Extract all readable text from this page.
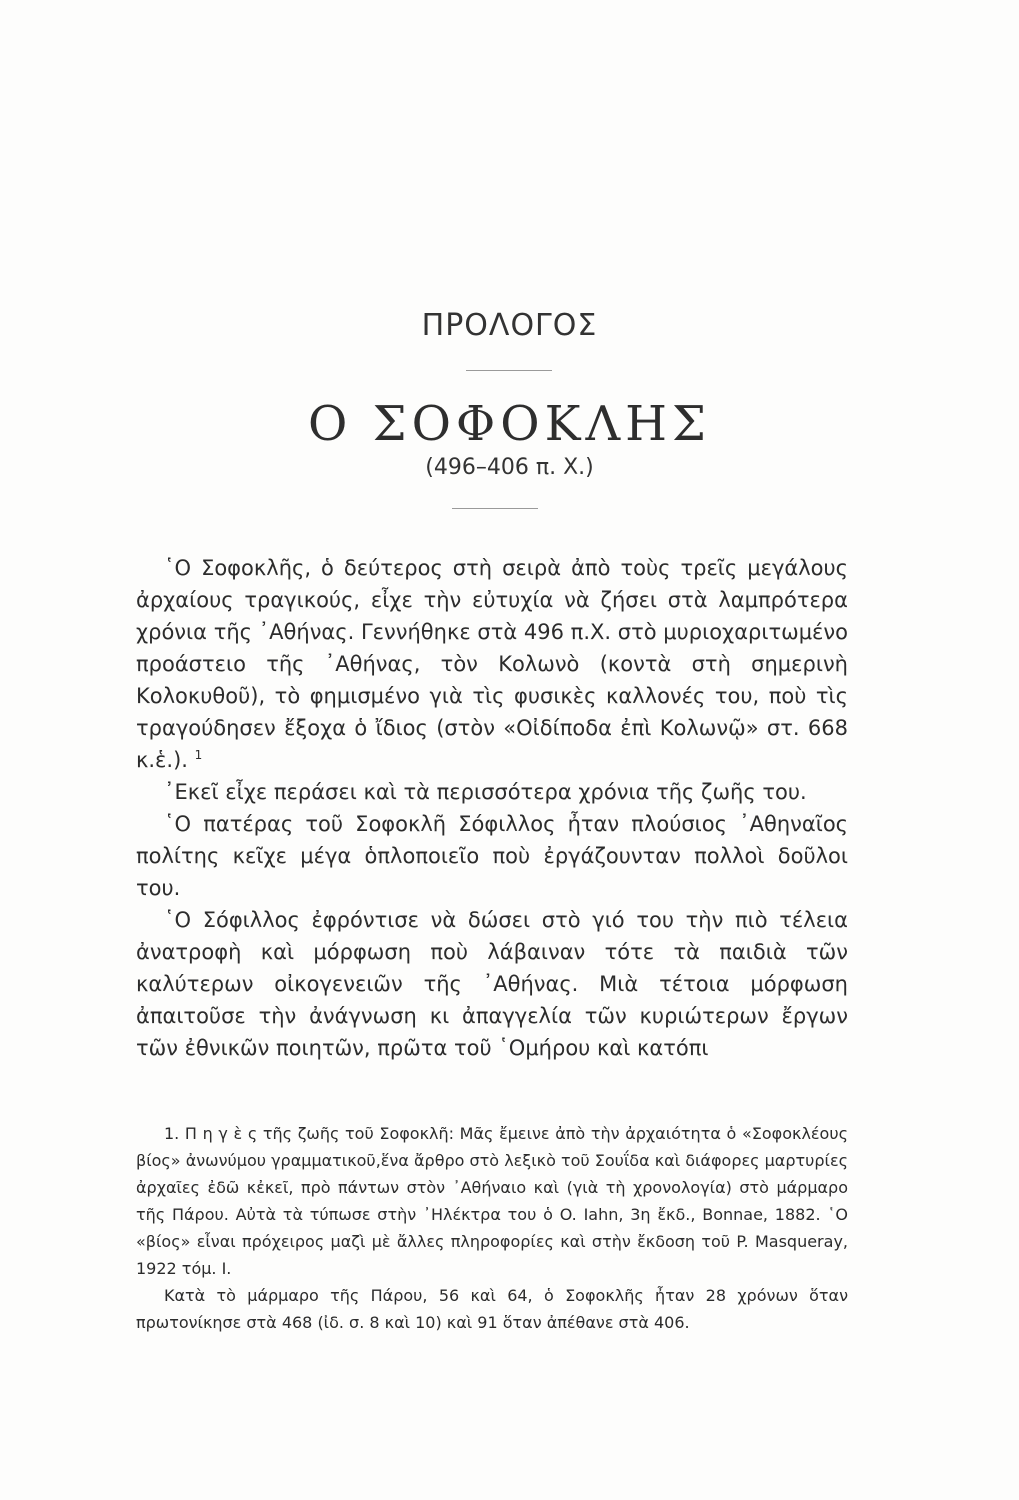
ΠΡΟΛΟΓΟΣ
Ο ΣΟΦΟΚΛΗΣ
(496–406 π. Χ.)

῾Ο Σοφοκλῆς, ὁ δεύτερος στὴ σειρὰ ἀπὸ τοὺς τρεῖς μεγάλους ἀρχαίους τραγικούς, εἶχε τὴν εὐτυχία νὰ ζήσει στὰ λαμπρότερα χρόνια τῆς ᾿Αθήνας. Γεννήθηκε στὰ 496 π.Χ. στὸ μυριοχαριτωμένο προάστειο τῆς ᾿Αθήνας, τὸν Κολωνὸ (κοντὰ στὴ σημερινὴ Κολοκυθοῦ), τὸ φημισμένο γιὰ τὶς φυσικὲς καλλονές του, ποὺ τὶς τραγούδησεν ἔξοχα ὁ ἴδιος (στὸν «Οἰδίποδα ἐπὶ Κολωνῷ» στ. 668 κ.ἑ.). $^1$

᾿Εκεῖ εἶχε περάσει καὶ τὰ περισσότερα χρόνια τῆς ζωῆς του.

῾Ο πατέρας τοῦ Σοφοκλῆ Σόφιλλος ἦταν πλούσιος ᾿Αθηναῖος πολίτης κεῖχε μέγα ὁπλοποιεῖο ποὺ ἐργάζουνταν πολλοὶ δοῦλοι του.

῾Ο Σόφιλλος ἐφρόντισε νὰ δώσει στὸ γιό του τὴν πιὸ τέλεια ἀνατροφὴ καὶ μόρφωση ποὺ λάβαιναν τότε τὰ παιδιὰ τῶν καλύτερων οἰκογενειῶν τῆς ᾿Αθήνας. Μιὰ τέτοια μόρφωση ἀπαιτοῦσε τὴν ἀνάγνωση κι ἀπαγγελία τῶν κυριώτερων ἔργων τῶν ἐθνικῶν ποιητῶν, πρῶτα τοῦ ῾Ομήρου καὶ κατόπι

1. Π η γ ὲ ς τῆς ζωῆς τοῦ Σοφοκλῆ: Μᾶς ἔμεινε ἀπὸ τὴν ἀρχαιότητα ὁ «Σοφοκλέους βίος» ἀνωνύμου γραμματικοῦ,ἕνα ἄρθρο στὸ λεξικὸ τοῦ Σουΐδα καὶ διάφορες μαρτυρίες ἀρχαῖες ἐδῶ κἐκεῖ, πρὸ πάντων στὸν ᾿Αθήναιο καὶ (γιὰ τὴ χρονολογία) στὸ μάρμαρο τῆς Πάρου. Αὐτὰ τὰ τύπωσε στὴν ᾿Ηλέκτρα του ὁ O. Iahn, 3η ἔκδ., Bonnae, 1882. ῾Ο «βίος» εἶναι πρόχειρος μαζὶ μὲ ἄλλες πληροφορίες καὶ στὴν ἔκδοση τοῦ P. Masqueray, 1922 τόμ. I.

Κατὰ τὸ μάρμαρο τῆς Πάρου, 56 καὶ 64, ὁ Σοφοκλῆς ἦταν 28 χρόνων ὅταν πρωτονίκησε στὰ 468 (ἰδ. σ. 8 καὶ 10) καὶ 91 ὅταν ἀπέθανε στὰ 406.
